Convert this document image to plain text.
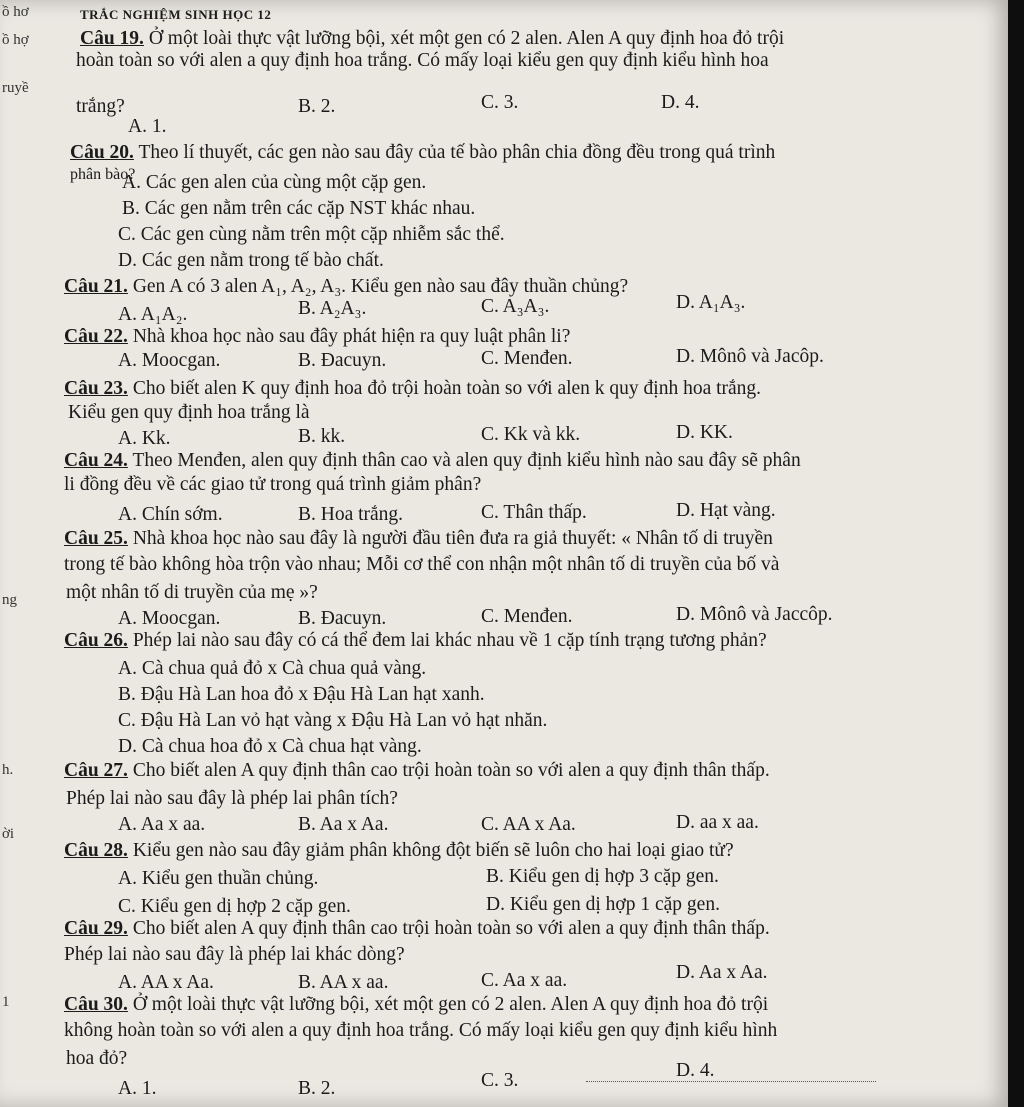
ồ hơ
ồ hợ
ruyề
ng
h.
ời
1
TRẮC NGHIỆM SINH HỌC 12
Câu 19. Ở một loài thực vật lưỡng bội, xét một gen có 2 alen. Alen A quy định hoa đỏ trội
hoàn toàn so với alen a quy định hoa trắng. Có mấy loại kiểu gen quy định kiểu hình hoa
trắng?
A. 1.
B. 2.	C. 3.	D. 4.
Câu 20. Theo lí thuyết, các gen nào sau đây của tế bào phân chia đồng đều trong quá trình
phân bào?
A. Các gen alen của cùng một cặp gen.
B. Các gen nằm trên các cặp NST khác nhau.
C. Các gen cùng nằm trên một cặp nhiễm sắc thể.
D. Các gen nằm trong tế bào chất.
Câu 21. Gen A có 3 alen A₁, A₂, A₃. Kiểu gen nào sau đây thuần chủng?
A. A₁A₂.	B. A₂A₃.	C. A₃A₃.	D. A₁A₃.
Câu 22. Nhà khoa học nào sau đây phát hiện ra quy luật phân li?
A. Moocgan.	B. Đacuyn.	C. Menđen.	D. Mônô và Jacôp.
Câu 23. Cho biết alen K quy định hoa đỏ trội hoàn toàn so với alen k quy định hoa trắng.
Kiểu gen quy định hoa trắng là
A. Kk.	B. kk.	C. Kk và kk.	D. KK.
Câu 24. Theo Menđen, alen quy định thân cao và alen quy định kiểu hình nào sau đây sẽ phân
li đồng đều về các giao tử trong quá trình giảm phân?
A. Chín sớm.	B. Hoa trắng.	C. Thân thấp.	D. Hạt vàng.
Câu 25. Nhà khoa học nào sau đây là người đầu tiên đưa ra giả thuyết: « Nhân tố di truyền
trong tế bào không hòa trộn vào nhau; Mỗi cơ thể con nhận một nhân tố di truyền của bố và
một nhân tố di truyền của mẹ »?
A. Moocgan.	B. Đacuyn.	C. Menđen.	D. Mônô và Jaccôp.
Câu 26. Phép lai nào sau đây có cá thể đem lai khác nhau về 1 cặp tính trạng tương phản?
A. Cà chua quả đỏ x Cà chua quả vàng.
B. Đậu Hà Lan hoa đỏ x Đậu Hà Lan hạt xanh.
C. Đậu Hà Lan vỏ hạt vàng x Đậu Hà Lan vỏ hạt nhăn.
D. Cà chua hoa đỏ x Cà chua hạt vàng.
Câu 27. Cho biết alen A quy định thân cao trội hoàn toàn so với alen a quy định thân thấp.
Phép lai nào sau đây là phép lai phân tích?
A. Aa x aa.	B. Aa x Aa.	C. AA x Aa.	D. aa x aa.
Câu 28. Kiểu gen nào sau đây giảm phân không đột biến sẽ luôn cho hai loại giao tử?
A. Kiểu gen thuần chủng.	B. Kiểu gen dị hợp 3 cặp gen.
C. Kiểu gen dị hợp 2 cặp gen.	D. Kiểu gen dị hợp 1 cặp gen.
Câu 29. Cho biết alen A quy định thân cao trội hoàn toàn so với alen a quy định thân thấp.
Phép lai nào sau đây là phép lai khác dòng?
A. AA x Aa.	B. AA x aa.	C. Aa x aa.	D. Aa x Aa.
Câu 30. Ở một loài thực vật lưỡng bội, xét một gen có 2 alen. Alen A quy định hoa đỏ trội
không hoàn toàn so với alen a quy định hoa trắng. Có mấy loại kiểu gen quy định kiểu hình
hoa đỏ?
A. 1.	B. 2.	C. 3.	D. 4.
